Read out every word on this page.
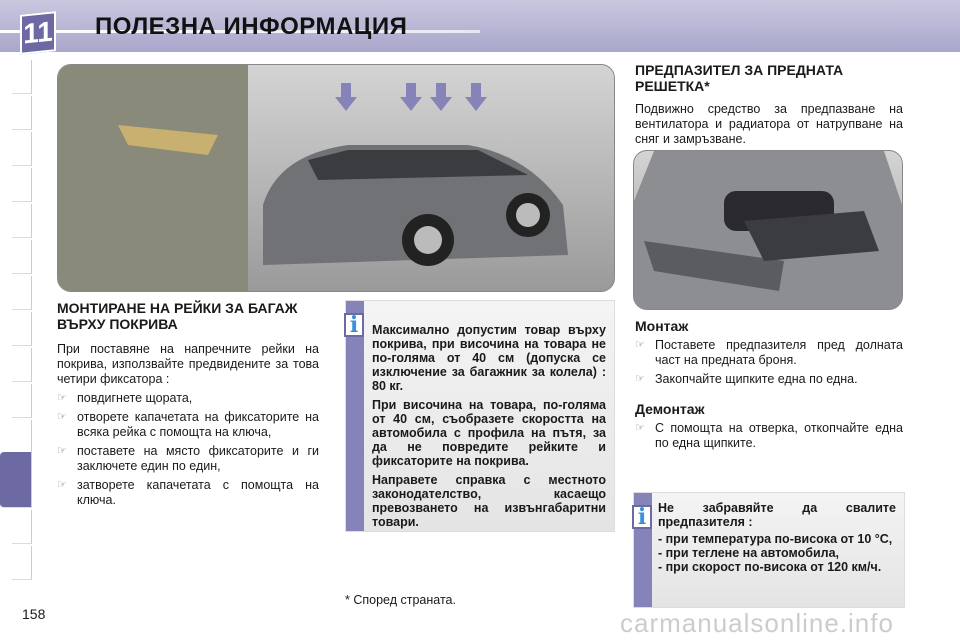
11 ПОЛЕЗНА ИНФОРМАЦИЯ
МОНТИРАНЕ НА РЕЙКИ ЗА БАГАЖ ВЪРХУ ПОКРИВА

При поставяне на напречните рейки на покрива, използвайте предвидените за това четири фиксатора :

☞ повдигнете щората,
☞ отворете капачетата на фиксаторите на всяка рейка с помощта на ключа,
☞ поставете на място фиксаторите и ги заключете един по един,
☞ затворете капачетата с помощта на ключа.
i	Максимално допустим товар върху покрива, при височина на товара не по-голяма от 40 см (допуска се изключение за багажник за колела) : 80 кг.

При височина на товара, по-голяма от 40 см, съобразете скоростта на автомобила с профила на пътя, за да не повредите рейките и фиксаторите на покрива.

Направете справка с местното законодателство, касаещо превозването на извънгабаритни товари.

ПРЕДПАЗИТЕЛ ЗА ПРЕДНАТА РЕШЕТКА*

Подвижно средство за предпазване на вентилатора и радиатора от натрупване на сняг и замръзване.

Монтаж
☞ Поставете предпазителя пред долната част на предната броня.
☞ Закопчайте щипките една по една.
Демонтаж
☞ С помощта на отверка, откопчайте една по една щипките.
i Не забравяйте да свалите предпазителя :

- при температура по-висока от 10 °C,
- при теглене на автомобила,
- при скорост по-висока от 120 км/ч.
* Според страната.
158	carmanualsonline.info
